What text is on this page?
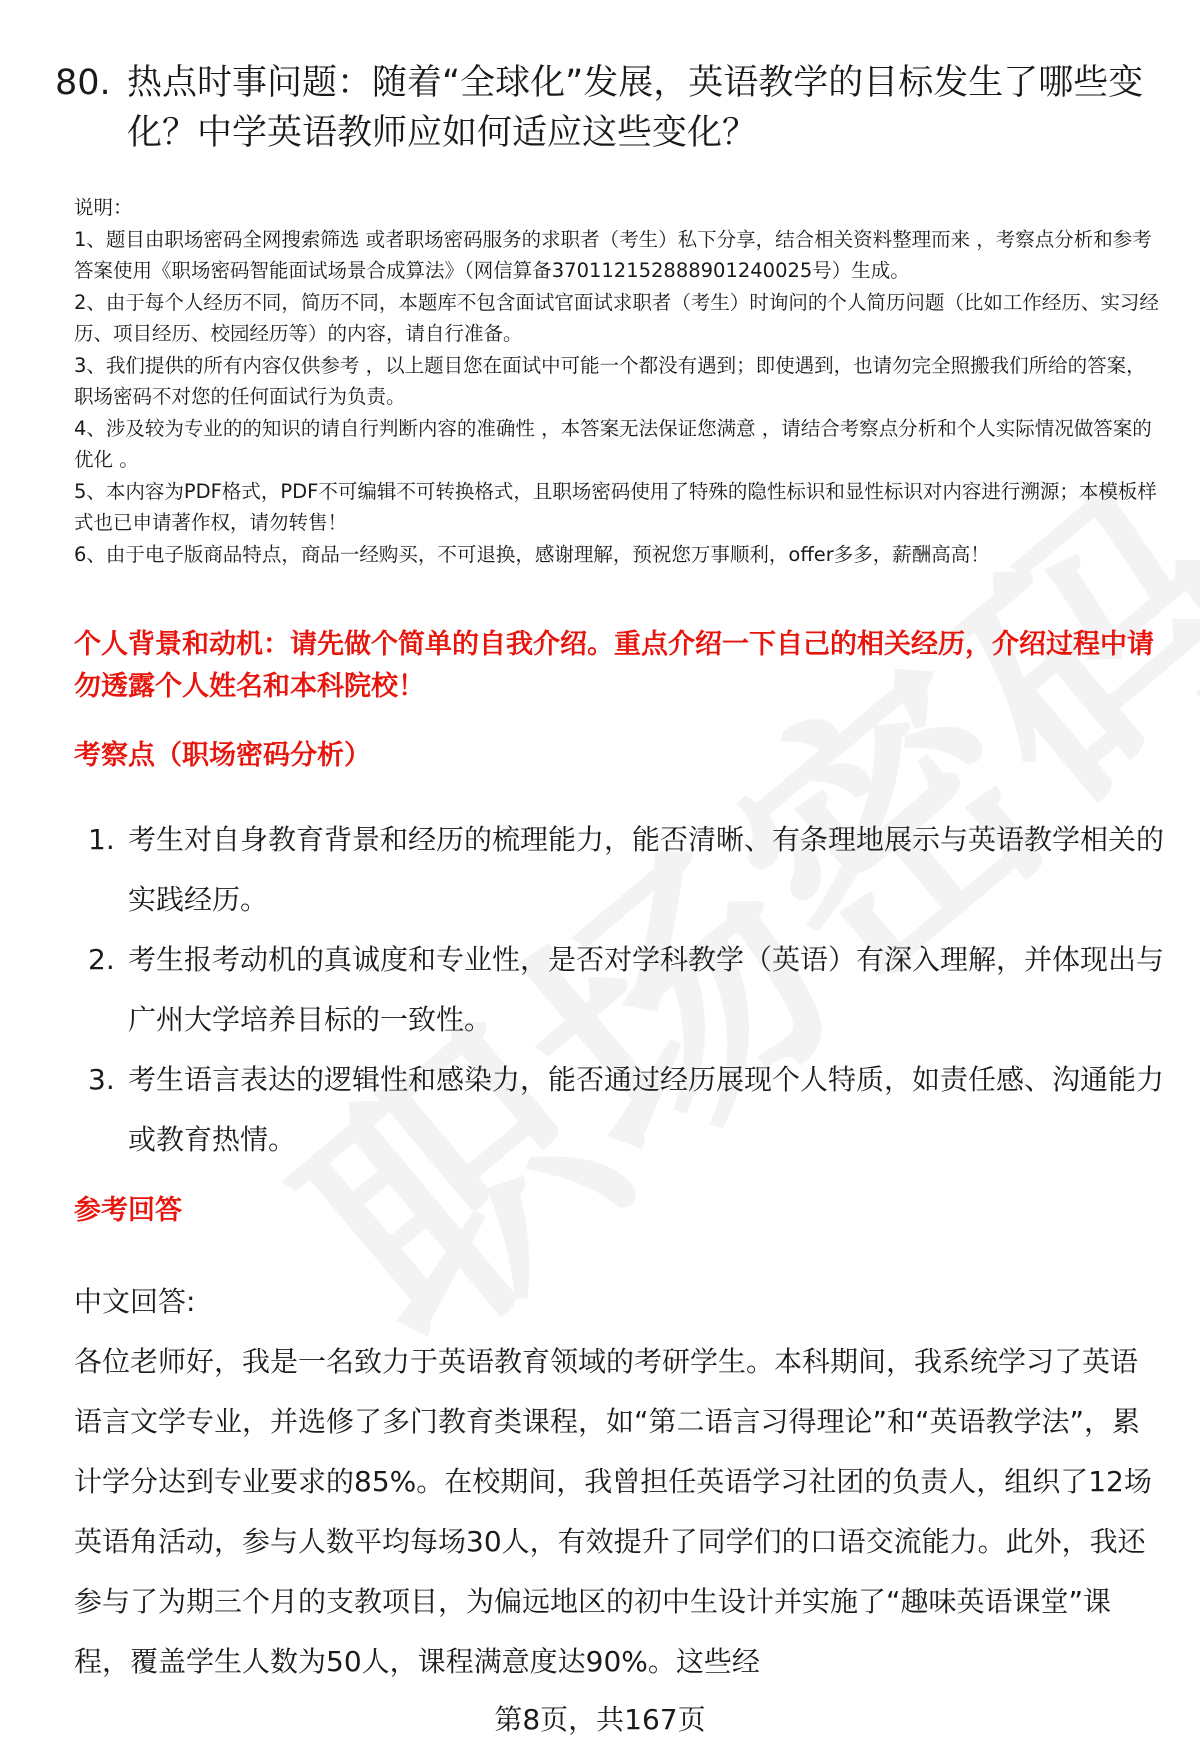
80. 热点时事问题：随着“全球化”发展，英语教学的目标发生了哪些变化？中学英语教师应如何适应这些变化？

说明：

1、题目由职场密码全网搜索筛选 或者职场密码服务的求职者（考生）私下分享，结合相关资料整理而来 ，考察点分析和参考答案使用《职场密码智能面试场景合成算法》（网信算备370112152888901240025号）生成。

2、由于每个人经历不同，简历不同，本题库不包含面试官面试求职者（考生）时询问的个人简历问题（比如工作经历、实习经历、项目经历、校园经历等）的内容，请自行准备。

3、我们提供的所有内容仅供参考 ，以上题目您在面试中可能一个都没有遇到；即使遇到，也请勿完全照搬我们所给的答案，职场密码不对您的任何面试行为负责。

4、涉及较为专业的的知识的请自行判断内容的准确性 ，本答案无法保证您满意 ，请结合考察点分析和个人实际情况做答案的优化 。

5、本内容为PDF格式，PDF不可编辑不可转换格式，且职场密码使用了特殊的隐性标识和显性标识对内容进行溯源；本模板样式也已申请著作权，请勿转售！

6、由于电子版商品特点，商品一经购买，不可退换，感谢理解，预祝您万事顺利，offer多多，薪酬高高！

个人背景和动机：请先做个简单的自我介绍。重点介绍一下自己的相关经历，介绍过程中请勿透露个人姓名和本科院校！
考察点（职场密码分析）
1. 考生对自身教育背景和经历的梳理能力，能否清晰、有条理地展示与英语教学相关的实践经历。
2. 考生报考动机的真诚度和专业性，是否对学科教学（英语）有深入理解，并体现出与广州大学培养目标的一致性。
3. 考生语言表达的逻辑性和感染力，能否通过经历展现个人特质，如责任感、沟通能力或教育热情。
参考回答

中文回答:

各位老师好，我是一名致力于英语教育领域的考研学生。本科期间，我系统学习了英语语言文学专业，并选修了多门教育类课程，如“第二语言习得理论”和“英语教学法”，累计学分达到专业要求的85%。在校期间，我曾担任英语学习社团的负责人，组织了12场英语角活动，参与人数平均每场30人，有效提升了同学们的口语交流能力。此外，我还参与了为期三个月的支教项目，为偏远地区的初中生设计并实施了“趣味英语课堂”课程，覆盖学生人数为50人，课程满意度达90%。这些经

第8页，共167页
